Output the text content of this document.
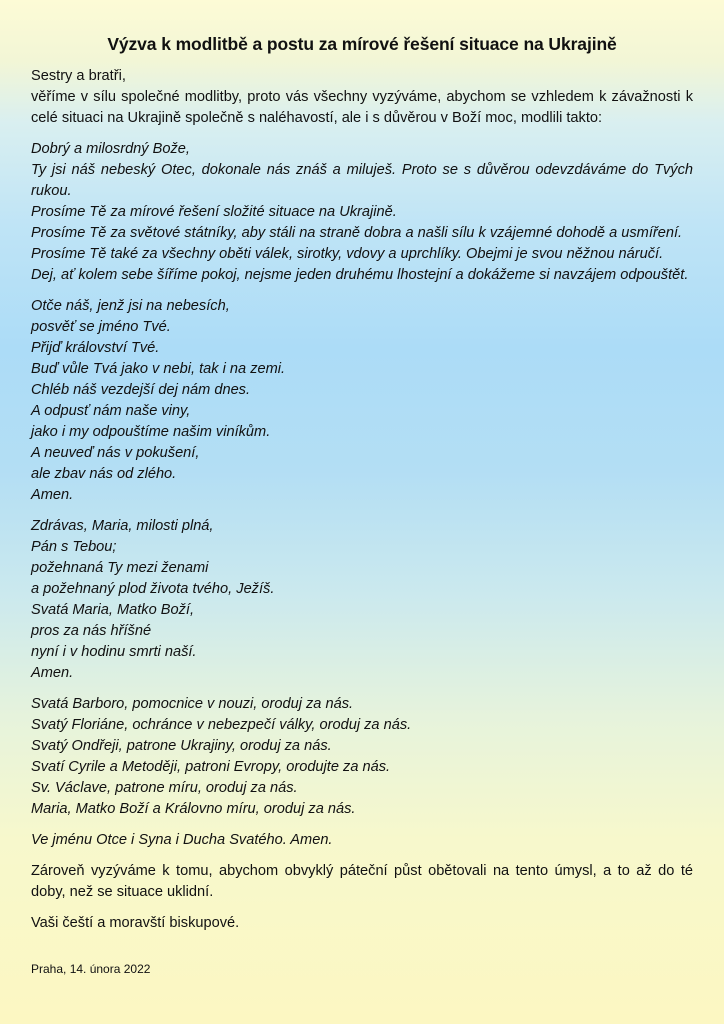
Výzva k modlitbě a postu za mírové řešení situace na Ukrajině

Sestry a bratři,

věříme v sílu společné modlitby, proto vás všechny vyzýváme, abychom se vzhledem k závažnosti k celé situaci na Ukrajině společně s naléhavostí, ale i s důvěrou v Boží moc, modlili takto:

Dobrý a milosrdný Bože,

Ty jsi náš nebeský Otec, dokonale nás znáš a miluješ. Proto se s důvěrou odevzdáváme do Tvých rukou.

Prosíme Tě za mírové řešení složité situace na Ukrajině.

Prosíme Tě za světové státníky, aby stáli na straně dobra a našli sílu k vzájemné dohodě a usmíření.

Prosíme Tě také za všechny oběti válek, sirotky, vdovy a uprchlíky. Obejmi je svou něžnou náručí.

Dej, ať kolem sebe šíříme pokoj, nejsme jeden druhému lhostejní a dokážeme si navzájem odpouštět.

Otče náš, jenž jsi na nebesích,

posvěť se jméno Tvé.

Přijď království Tvé.

Buď vůle Tvá jako v nebi, tak i na zemi.

Chléb náš vezdejší dej nám dnes.

A odpusť nám naše viny,

jako i my odpouštíme našim viníkům.

A neuveď nás v pokušení,

ale zbav nás od zlého.

Amen.

Zdrávas, Maria, milosti plná,

Pán s Tebou;

požehnaná Ty mezi ženami

a požehnaný plod života tvého, Ježíš.

Svatá Maria, Matko Boží,

pros za nás hříšné

nyní i v hodinu smrti naší.

Amen.

Svatá Barboro, pomocnice v nouzi, oroduj za nás.

Svatý Floriáne, ochránce v nebezpečí války, oroduj za nás.

Svatý Ondřeji, patrone Ukrajiny, oroduj za nás.

Svatí Cyrile a Metoději, patroni Evropy, orodujte za nás.

Sv. Václave, patrone míru, oroduj za nás.

Maria, Matko Boží a Královno míru, oroduj za nás.

Ve jménu Otce i Syna i Ducha Svatého. Amen.

Zároveň vyzýváme k tomu, abychom obvyklý páteční půst obětovali na tento úmysl, a to až do té doby, než se situace uklidní.

Vaši čeští a moravští biskupové.

Praha, 14. února 2022
